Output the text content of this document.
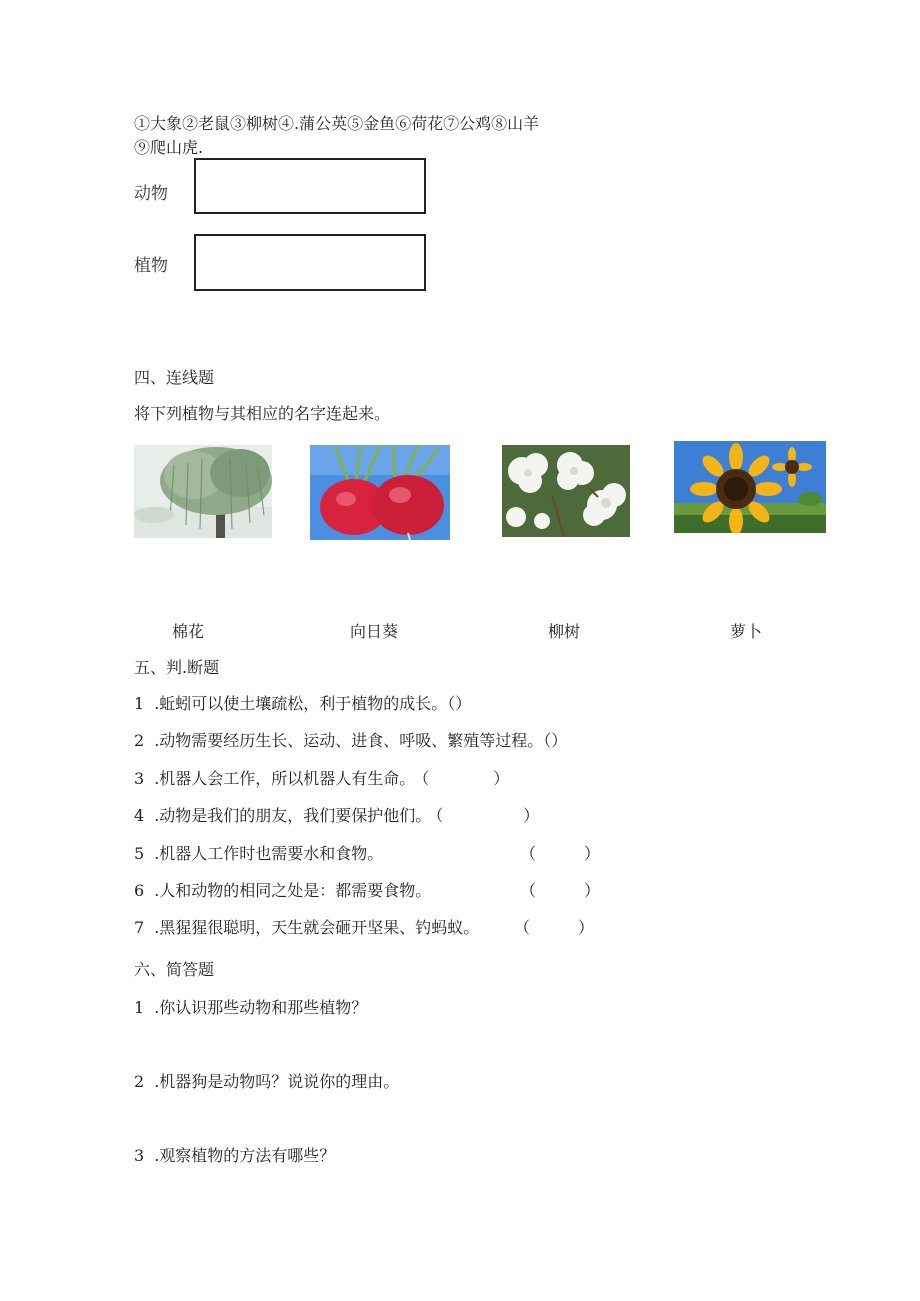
①大象②老鼠③柳树④.蒲公英⑤金鱼⑥荷花⑦公鸡⑧山羊
⑨爬山虎.
动物
植物
四、连线题
将下列植物与其相应的名字连起来。
棉花	向日葵	柳树	萝卜
五、判.断题
1 .蚯蚓可以使土壤疏松，利于植物的成长。（）
2 .动物需要经历生长、运动、进食、呼吸、繁殖等过程。（）
3 .机器人会工作，所以机器人有生命。 （　　　　）
4 .动物是我们的朋友，我们要保护他们。 （　　　　　）
5 .机器人工作时也需要水和食物。	（　　　）
6 .人和动物的相同之处是：都需要食物。	（　　　）
7 .黑猩猩很聪明，天生就会砸开坚果、钓蚂蚁。 （　　　）
六、简答题
1 .你认识那些动物和那些植物？
2 .机器狗是动物吗？说说你的理由。
3 .观察植物的方法有哪些？
